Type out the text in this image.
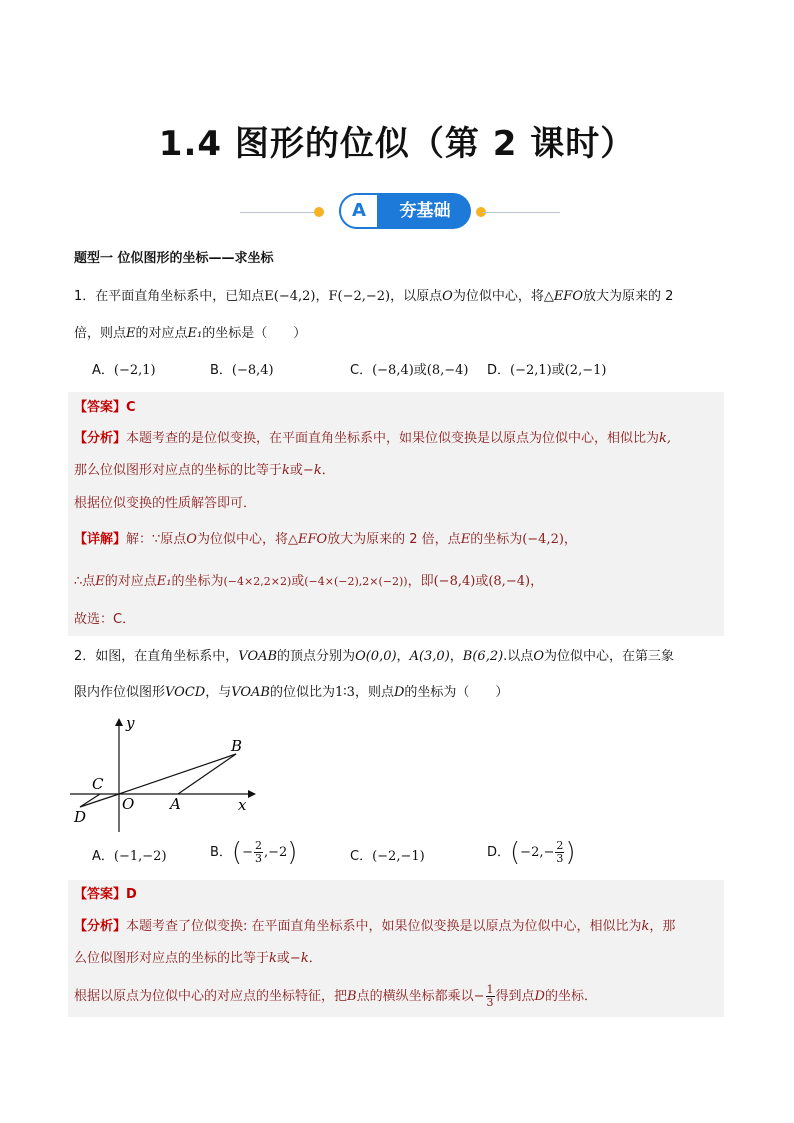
1.4 图形的位似（第 2 课时）
A	夯基础
题型一 位似图形的坐标——求坐标
1．在平面直角坐标系中，已知点E(−4,2)，F(−2,−2)，以原点O为位似中心，将△EFO放大为原来的 2
倍，则点E的对应点E₁的坐标是（　　）
A．(−2,1)	B．(−8,4)	C．(−8,4)或(8,−4) D．(−2,1)或(2,−1)
【答案】C
【分析】本题考查的是位似变换，在平面直角坐标系中，如果位似变换是以原点为位似中心，相似比为k,
那么位似图形对应点的坐标的比等于k或−k．
根据位似变换的性质解答即可．
【详解】解：∵原点O为位似中心，将△EFO放大为原来的 2 倍，点E的坐标为(−4,2)，
∴点E的对应点E₁的坐标为(−4×2,2×2)或(−4×(−2),2×(−2))，即(−8,4)或(8,−4)，
故选：C．
2．如图，在直角坐标系中，VOAB的顶点分别为O(0,0)，A(3,0)，B(6,2).以点O为位似中心，在第三象
限内作位似图形VOCD，与VOAB的位似比为1∶3，则点D的坐标为（　　）
y
x
B
C
O A
D
A．(−1,−2)	B．(− $\frac{2}{3} ,-2$)	C．(−2,−1)	D．($-2,- \frac{2}{3}$ )
【答案】D
【分析】本题考查了位似变换: 在平面直角坐标系中，如果位似变换是以原点为位似中心，相似比为k，那
么位似图形对应点的坐标的比等于k或−k．
根据以原点为位似中心的对应点的坐标特征，把B点的横纵坐标都乘以− $\frac{1}{3}$ 得到点D的坐标．
